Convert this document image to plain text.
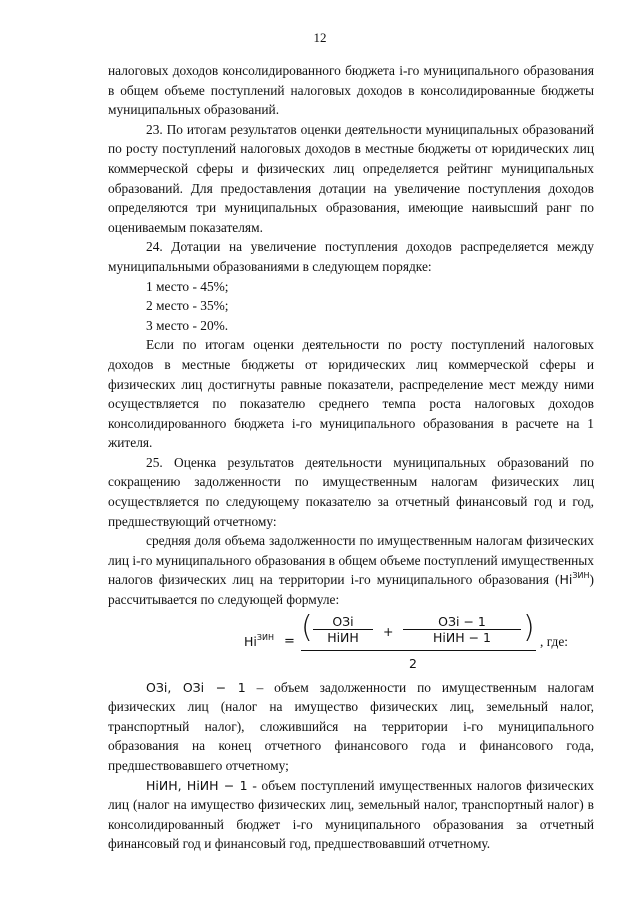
12

налоговых доходов консолидированного бюджета i-го муниципального образования в общем объеме поступлений налоговых доходов в консолидированные бюджеты муниципальных образований.

23. По итогам результатов оценки деятельности муниципальных образований по росту поступлений налоговых доходов в местные бюджеты от юридических лиц коммерческой сферы и физических лиц определяется рейтинг муниципальных образований. Для предоставления дотации на увеличение поступления доходов определяются три муниципальных образования, имеющие наивысший ранг по оцениваемым показателям.

24. Дотации на увеличение поступления доходов распределяется между муниципальными образованиями в следующем порядке:

1 место - 45%;

2 место - 35%;

3 место - 20%.

Если по итогам оценки деятельности по росту поступлений налоговых доходов в местные бюджеты от юридических лиц коммерческой сферы и физических лиц достигнуты равные показатели, распределение мест между ними осуществляется по показателю среднего темпа роста налоговых доходов консолидированного бюджета i-го муниципального образования в расчете на 1 жителя.

25. Оценка результатов деятельности муниципальных образований по сокращению задолженности по имущественным налогам физических лиц осуществляется по следующему показателю за отчетный финансовый год и год, предшествующий отчетному:

средняя доля объема задолженности по имущественным налогам физических лиц i-го муниципального образования в общем объеме поступлений имущественных налогов физических лиц на территории i-го муниципального образования $(Hi^{ЗИН})$ рассчитывается по следующей формуле:

$Hi^{ЗИН}$ = (	OЗi
HiИН	+
OЗi − 1
HiИН − 1	)
2
, где:

OЗi, OЗi − 1 – объем задолженности по имущественным налогам физических лиц (налог на имущество физических лиц, земельный налог, транспортный налог), сложившийся на территории i-го муниципального образования на конец отчетного финансового года и финансового года, предшествовавшего отчетному;

HiИН, HiИН − 1 - объем поступлений имущественных налогов физических лиц (налог на имущество физических лиц, земельный налог, транспортный налог) в консолидированный бюджет i-го муниципального образования за отчетный финансовый год и финансовый год, предшествовавший отчетному.
